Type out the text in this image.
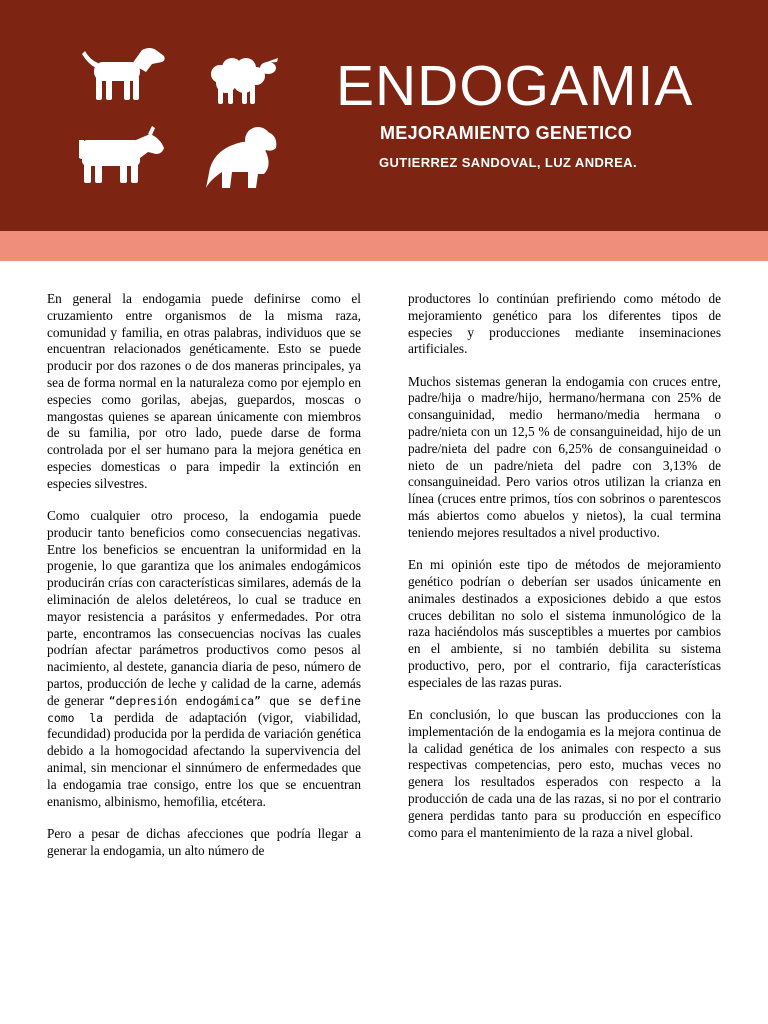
ENDOGAMIA
MEJORAMIENTO GENETICO
GUTIERREZ SANDOVAL, LUZ ANDREA.

En general la endogamia puede definirse como el cruzamiento entre organismos de la misma raza, comunidad y familia, en otras palabras, individuos que se encuentran relacionados genéticamente. Esto se puede producir por dos razones o de dos maneras principales, ya sea de forma normal en la naturaleza como por ejemplo en especies como gorilas, abejas, guepardos, moscas o mangostas quienes se aparean únicamente con miembros de su familia, por otro lado, puede darse de forma controlada por el ser humano para la mejora genética en especies domesticas o para impedir la extinción en especies silvestres.

Como cualquier otro proceso, la endogamia puede producir tanto beneficios como consecuencias negativas. Entre los beneficios se encuentran la uniformidad en la progenie, lo que garantiza que los animales endogámicos producirán crías con características similares, además de la eliminación de alelos deletéreos, lo cual se traduce en mayor resistencia a parásitos y enfermedades. Por otra parte, encontramos las consecuencias nocivas las cuales podrían afectar parámetros productivos como pesos al nacimiento, al destete, ganancia diaria de peso, número de partos, producción de leche y calidad de la carne, además de generar “depresión endogámica” que se define como la perdida de adaptación (vigor, viabilidad, fecundidad) producida por la perdida de variación genética debido a la homogocidad afectando la supervivencia del animal, sin mencionar el sinnúmero de enfermedades que la endogamia trae consigo, entre los que se encuentran enanismo, albinismo, hemofilia, etcétera.

Pero a pesar de dichas afecciones que podría llegar a generar la endogamia, un alto número de

productores lo continúan prefiriendo como método de mejoramiento genético para los diferentes tipos de especies y producciones mediante inseminaciones artificiales.

Muchos sistemas generan la endogamia con cruces entre, padre/hija o madre/hijo, hermano/hermana con 25% de consanguinidad, medio hermano/media hermana o padre/nieta con un 12,5 % de consanguineidad, hijo de un padre/nieta del padre con 6,25% de consanguineidad o nieto de un padre/nieta del padre con 3,13% de consanguineidad. Pero varios otros utilizan la crianza en línea (cruces entre primos, tíos con sobrinos o parentescos más abiertos como abuelos y nietos), la cual termina teniendo mejores resultados a nivel productivo.

En mi opinión este tipo de métodos de mejoramiento genético podrían o deberían ser usados únicamente en animales destinados a exposiciones debido a que estos cruces debilitan no solo el sistema inmunológico de la raza haciéndolos más susceptibles a muertes por cambios en el ambiente, si no también debilita su sistema productivo, pero, por el contrario, fija características especiales de las razas puras.

En conclusión, lo que buscan las producciones con la implementación de la endogamia es la mejora continua de la calidad genética de los animales con respecto a sus respectivas competencias, pero esto, muchas veces no genera los resultados esperados con respecto a la producción de cada una de las razas, si no por el contrario genera perdidas tanto para su producción en específico como para el mantenimiento de la raza a nivel global.
